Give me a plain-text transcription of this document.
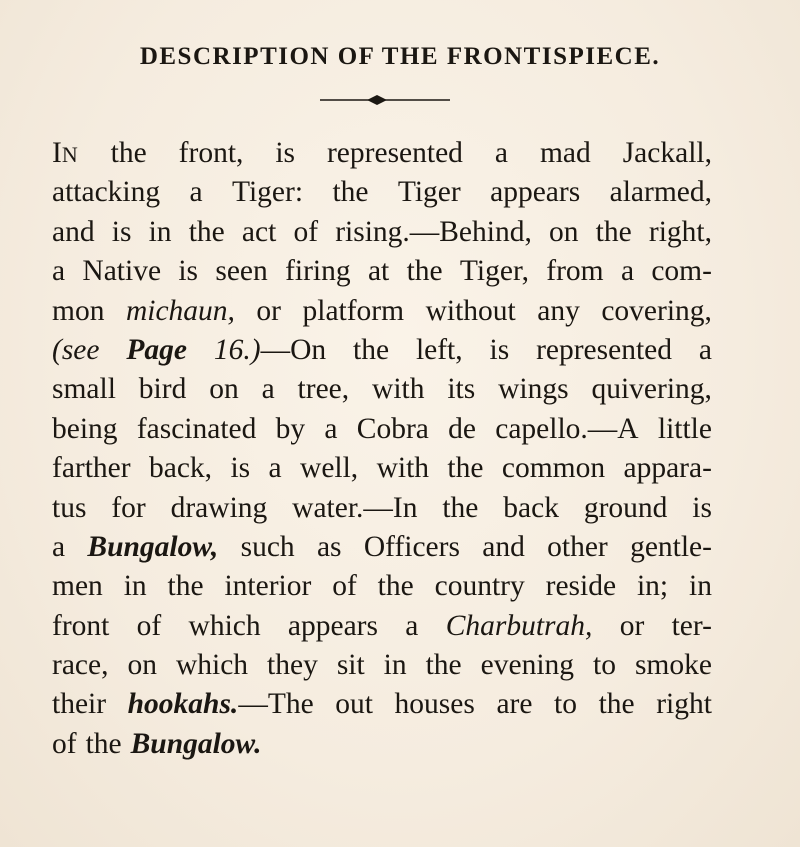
DESCRIPTION OF THE FRONTISPIECE.
IN the front, is represented a mad Jackall,
attacking a Tiger: the Tiger appears alarmed,
and is in the act of rising.—Behind, on the right,
a Native is seen firing at the Tiger, from a com-
mon michaun, or platform without any covering,
(see Page 16.)—On the left, is represented a
small bird on a tree, with its wings quivering,
being fascinated by a Cobra de capello.—A little
farther back, is a well, with the common appara-
tus for drawing water.—In the back ground is
a Bungalow, such as Officers and other gentle-
men in the interior of the country reside in; in
front of which appears a Charbutrah, or ter-
race, on which they sit in the evening to smoke
their hookahs.—The out houses are to the right
of the Bungalow.
